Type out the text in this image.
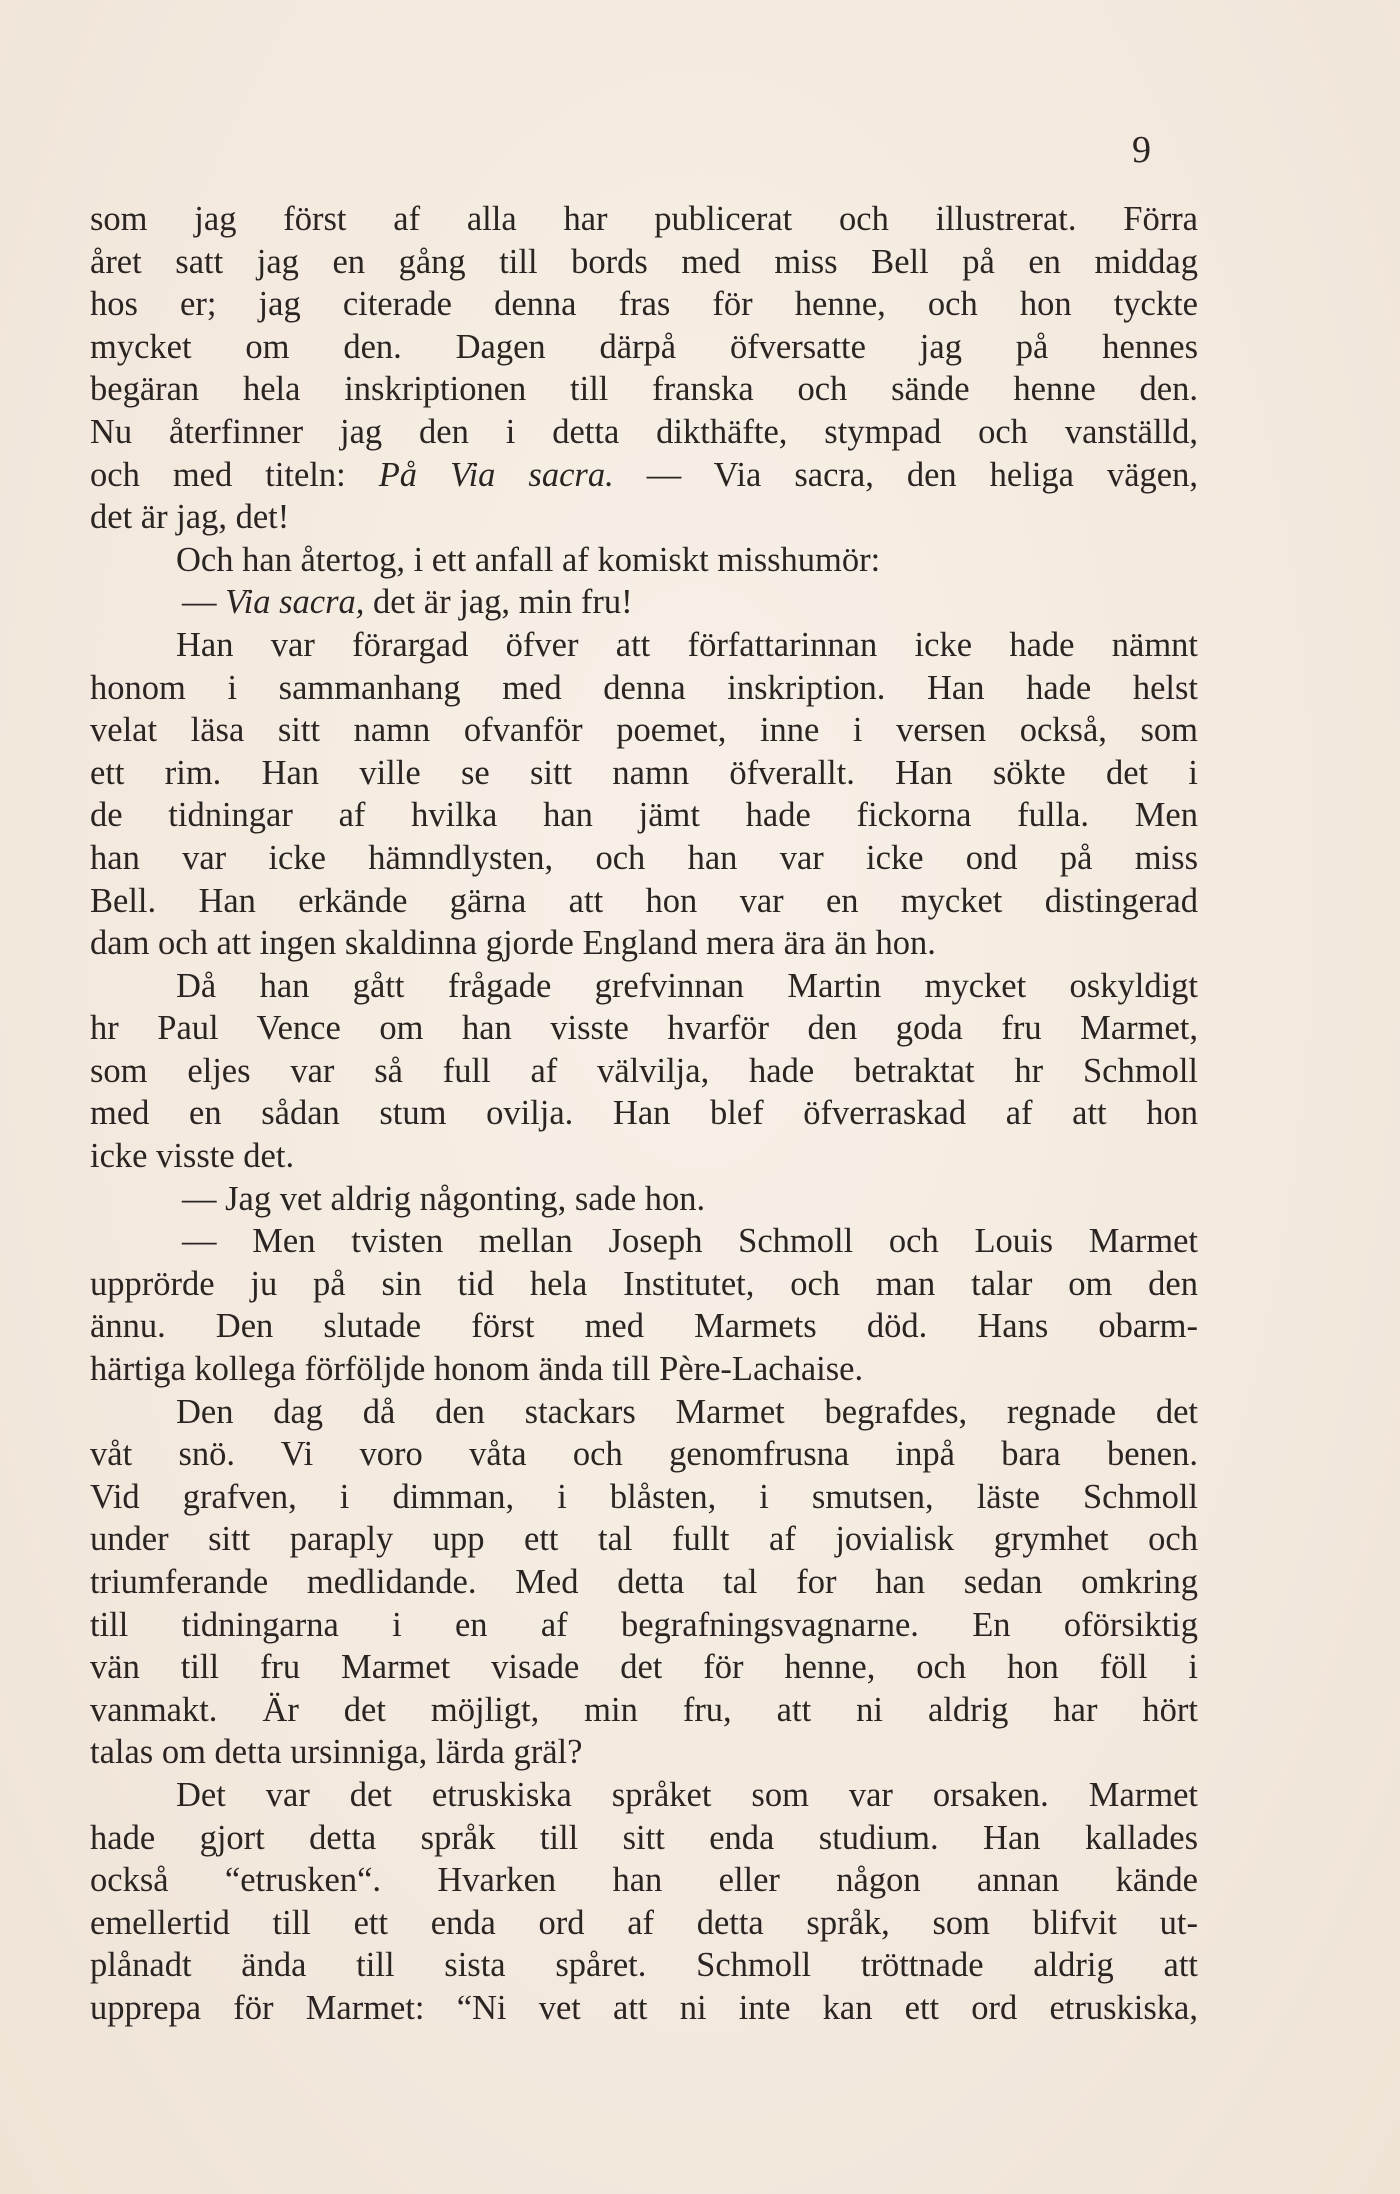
9
som jag först af alla har publicerat och illustrerat. Förra
året satt jag en gång till bords med miss Bell på en middag
hos er; jag citerade denna fras för henne, och hon tyckte
mycket om den. Dagen därpå öfversatte jag på hennes
begäran hela inskriptionen till franska och sände henne den.
Nu återfinner jag den i detta dikthäfte, stympad och vanställd,
och med titeln: På Via sacra. — Via sacra, den heliga vägen,
det är jag, det!
Och han återtog, i ett anfall af komiskt misshumör:
— Via sacra, det är jag, min fru!
Han var förargad öfver att författarinnan icke hade nämnt
honom i sammanhang med denna inskription. Han hade helst
velat läsa sitt namn ofvanför poemet, inne i versen också, som
ett rim. Han ville se sitt namn öfverallt. Han sökte det i
de tidningar af hvilka han jämt hade fickorna fulla. Men
han var icke hämndlysten, och han var icke ond på miss
Bell. Han erkände gärna att hon var en mycket distingerad
dam och att ingen skaldinna gjorde England mera ära än hon.
Då han gått frågade grefvinnan Martin mycket oskyldigt
hr Paul Vence om han visste hvarför den goda fru Marmet,
som eljes var så full af välvilja, hade betraktat hr Schmoll
med en sådan stum ovilja. Han blef öfverraskad af att hon
icke visste det.
— Jag vet aldrig någonting, sade hon.
— Men tvisten mellan Joseph Schmoll och Louis Marmet
upprörde ju på sin tid hela Institutet, och man talar om den
ännu. Den slutade först med Marmets död. Hans obarm-
härtiga kollega förföljde honom ända till Père-Lachaise.
Den dag då den stackars Marmet begrafdes, regnade det
våt snö. Vi voro våta och genomfrusna inpå bara benen.
Vid grafven, i dimman, i blåsten, i smutsen, läste Schmoll
under sitt paraply upp ett tal fullt af jovialisk grymhet och
triumferande medlidande. Med detta tal for han sedan omkring
till tidningarna i en af begrafningsvagnarne. En oförsiktig
vän till fru Marmet visade det för henne, och hon föll i
vanmakt. Är det möjligt, min fru, att ni aldrig har hört
talas om detta ursinniga, lärda gräl?
Det var det etruskiska språket som var orsaken. Marmet
hade gjort detta språk till sitt enda studium. Han kallades
också “etrusken“. Hvarken han eller någon annan kände
emellertid till ett enda ord af detta språk, som blifvit ut-
plånadt ända till sista spåret. Schmoll tröttnade aldrig att
upprepa för Marmet: “Ni vet att ni inte kan ett ord etruskiska,
